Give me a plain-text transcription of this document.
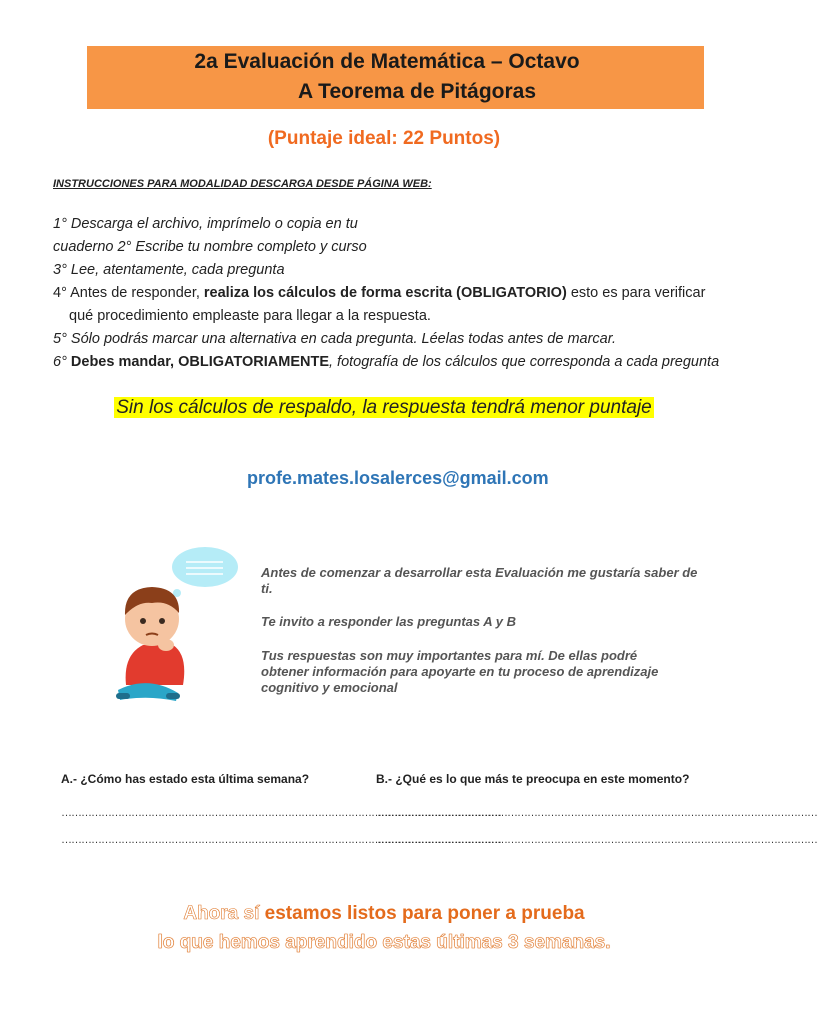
2a Evaluación de Matemática – Octavo
A Teorema de Pitágoras
(Puntaje ideal: 22 Puntos)
INSTRUCCIONES PARA MODALIDAD DESCARGA DESDE PÁGINA WEB:
1° Descarga el archivo, imprímelo o copia en tu
cuaderno 2° Escribe tu nombre completo y curso
3° Lee, atentamente, cada pregunta
4° Antes de responder, realiza los cálculos de forma escrita (OBLIGATORIO) esto es para verificar
qué procedimiento empleaste para llegar a la respuesta.
5° Sólo podrás marcar una alternativa en cada pregunta. Léelas todas antes de marcar.
6° Debes mandar, OBLIGATORIAMENTE, fotografía de los cálculos que corresponda a cada pregunta
Sin los cálculos de respaldo, la respuesta tendrá menor puntaje
profe.mates.losalerces@gmail.com
Antes de comenzar a desarrollar esta Evaluación me gustaría saber de ti.
Te invito a responder las preguntas A y B
Tus respuestas son muy importantes para mí. De ellas podré obtener información para apoyarte en tu proceso de aprendizaje cognitivo y emocional
A.- ¿Cómo has estado esta última semana?	B.- ¿Qué es lo que más te preocupa en este momento?
……………………………………………………………………………………………………………………
……………………………………………………………………………………………………………………
……………………………………………………………………………………………………………………
……………………………………………………………………………………………………………………
Ahora sí estamos listos para poner a prueba
lo que hemos aprendido estas últimas 3 semanas.
